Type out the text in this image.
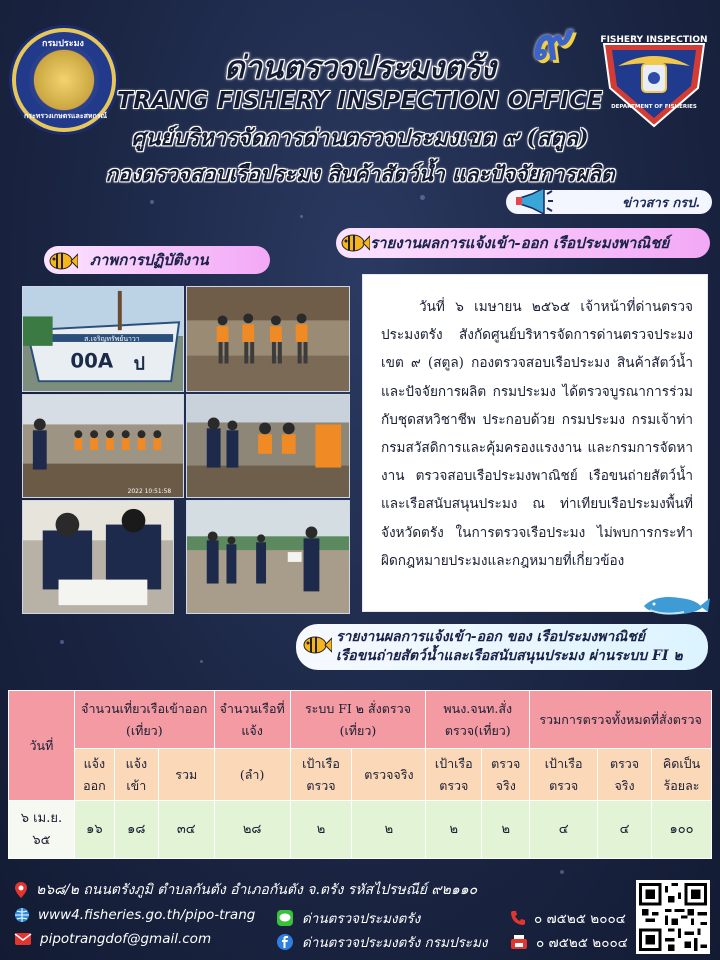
กรมประมง
กระทรวงเกษตรและสหกรณ์
ด่านตรวจประมงตรัง ๙
TRANG FISHERY INSPECTION OFFICE
ศูนย์บริหารจัดการด่านตรวจประมงเขต ๙ (สตูล)
กองตรวจสอบเรือประมง สินค้าสัตว์น้ำ และปัจจัยการผลิต
FISHERY INSPECTION
DEPARTMENT OF FISHERIES
ข่าวสาร กรป.
ภาพการปฏิบัติงาน
รายงานผลการแจ้งเข้า-ออก เรือประมงพาณิชย์
ส.เจริญทรัพย์นาวา
00A ป
2022 10:51:58

วันที่ ๖ เมษายน ๒๕๖๕ เจ้าหน้าที่ด่านตรวจประมงตรัง สังกัดศูนย์บริหารจัดการด่านตรวจประมง เขต ๙ (สตูล) กองตรวจสอบเรือประมง สินค้าสัตว์น้ำ และปัจจัยการผลิต กรมประมง ได้ตรวจบูรณาการร่วมกับชุดสหวิชาชีพ ประกอบด้วย กรมประมง กรมเจ้าท่า กรมสวัสดิการและคุ้มครองแรงงาน และกรมการจัดหางาน ตรวจสอบเรือประมงพาณิชย์ เรือขนถ่ายสัตว์น้ำและเรือสนับสนุนประมง ณ ท่าเทียบเรือประมงพื้นที่จังหวัดตรัง ในการตรวจเรือประมง ไม่พบการกระทำผิดกฎหมายประมงและกฎหมายที่เกี่ยวข้อง

รายงานผลการแจ้งเข้า-ออก ของ เรือประมงพาณิชย์
เรือขนถ่ายสัตว์น้ำและเรือสนับสนุนประมง ผ่านระบบ FI ๒
วันที่	จำนวนเที่ยวเรือเข้าออก (เที่ยว)			จำนวนเรือที่แจ้ง	ระบบ FI ๒ สั่งตรวจ (เที่ยว)		พนง.จนท.สั่งตรวจ(เที่ยว)		รวมการตรวจทั้งหมดที่สั่งตรวจ		
	แจ้งออก	แจ้งเข้า	รวม	(ลำ)	เป้าเรือตรวจ	ตรวจจริง	เป้าเรือตรวจ	ตรวจจริง	เป้าเรือตรวจ	ตรวจจริง	คิดเป็นร้อยละ
๖ เม.ย. ๖๕	๑๖	๑๘	๓๔	๒๘	๒	๒	๒	๒	๔	๔	๑๐๐
๒๖๘/๒ ถนนตรังภูมิ ตำบลกันตัง อำเภอกันตัง จ.ตรัง รหัสไปรษณีย์ ๙๒๑๑๐
www4.fisheries.go.th/pipo-trang
pipotrangdof@gmail.com
ด่านตรวจประมงตรัง
ด่านตรวจประมงตรัง กรมประมง
๐ ๗๕๒๕ ๒๐๐๔
๐ ๗๕๒๕ ๒๐๐๔
